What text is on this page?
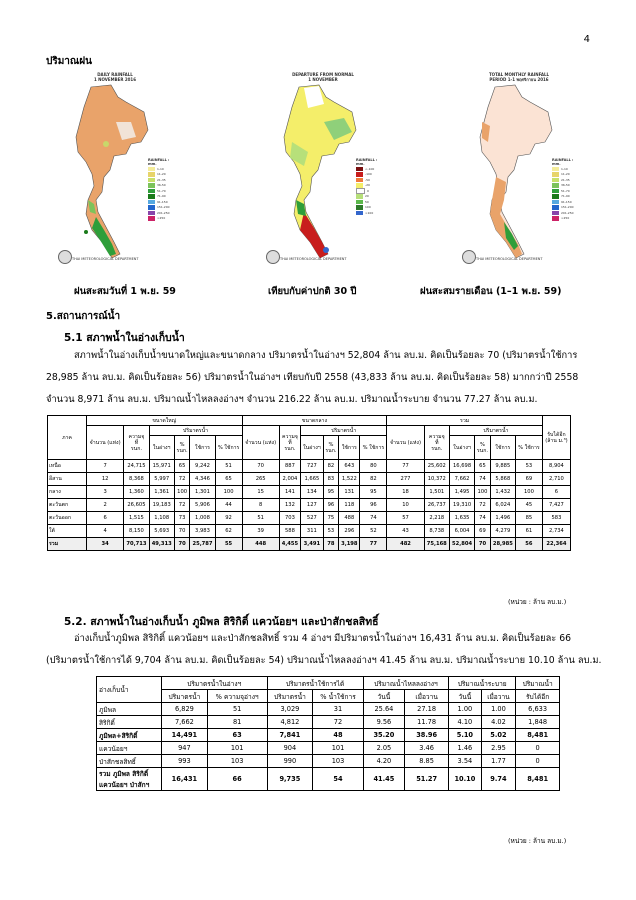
4
ปริมาณฝน
DAILY RAINFALL
1 NOVEMBER 2016
RAINFALL : mm.
1-10
11-20
21-35
36-50
51-70
71-90
91-150
151-200
201-250
>250
THAI METEOROLOGICAL DEPARTMENT
DEPARTURE FROM NORMAL
1 NOVEMBER
RAINFALL : mm.
<-100
-100
-50
-20
0
20
50
100
>100
THAI METEOROLOGICAL DEPARTMENT
TOTAL MONTHLY RAINFALL
PERIOD 1-1 พฤศจิกายน 2016
RAINFALL : mm.
1-10
11-20
21-35
36-50
51-70
71-90
91-150
151-200
201-250
>250
THAI METEOROLOGICAL DEPARTMENT
ฝนสะสมวันที่ 1 พ.ย. 59	เทียบกับค่าปกติ 30 ปี	ฝนสะสมรายเดือน (1–1 พ.ย. 59)
5.สถานการณ์น้ำ
5.1 สภาพน้ำในอ่างเก็บน้ำ
สภาพน้ำในอ่างเก็บน้ำขนาดใหญ่และขนาดกลาง ปริมาตรน้ำในอ่างฯ 52,804 ล้าน ลบ.ม. คิดเป็นร้อยละ 70 (ปริมาตรน้ำใช้การ
28,985 ล้าน ลบ.ม. คิดเป็นร้อยละ 56) ปริมาตรน้ำในอ่างฯ เทียบกับปี 2558 (43,833 ล้าน ลบ.ม. คิดเป็นร้อยละ 58) มากกว่าปี 2558
จำนวน 8,971 ล้าน ลบ.ม. ปริมาณน้ำไหลลงอ่างฯ จำนวน 216.22 ล้าน ลบ.ม. ปริมาณน้ำระบาย จำนวน 77.27 ล้าน ลบ.ม.
ภาค	ขนาดใหญ่						ขนาดกลาง						รวม						รับได้อีก
(ล้าน ม.³)
	จำนวน (แห่ง)	ความจุ
ที่
รนก.	ปริมาตรน้ำ				จำนวน (แห่ง)	ความจุ
ที่
รนก.	ปริมาตรน้ำ				จำนวน (แห่ง)	ความจุ
ที่
รนก.	ปริมาตรน้ำ				
			ในอ่างฯ	%
รนก.	ใช้การ	% ใช้การ			ในอ่างฯ	%
รนก.	ใช้การ	% ใช้การ			ในอ่างฯ	%
รนก.	ใช้การ	% ใช้การ	
เหนือ	7	24,715	15,971	65	9,242	51	70	887	727	82	643	80	77	25,602	16,698	65	9,885	53	8,904
อีสาน	12	8,368	5,997	72	4,346	65	265	2,004	1,665	83	1,522	82	277	10,372	7,662	74	5,868	69	2,710
กลาง	3	1,360	1,361	100	1,301	100	15	141	134	95	131	95	18	1,501	1,495	100	1,432	100	6
ตะวันตก	2	26,605	19,183	72	5,906	44	8	132	127	96	118	96	10	26,737	19,310	72	6,024	45	7,427
ตะวันออก	6	1,515	1,108	73	1,008	92	51	703	527	75	488	74	57	2,218	1,635	74	1,496	85	583
ใต้	4	8,150	5,693	70	3,983	62	39	588	311	53	296	52	43	8,738	6,004	69	4,279	61	2,734
รวม	34	70,713	49,313	70	25,787	55	448	4,455	3,491	78	3,198	77	482	75,168	52,804	70	28,985	56	22,364
(หน่วย : ล้าน ลบ.ม.)
5.2. สภาพน้ำในอ่างเก็บน้ำ ภูมิพล สิริกิติ์ แควน้อยฯ และป่าสักชลสิทธิ์
อ่างเก็บน้ำภูมิพล สิริกิติ์ แควน้อยฯ และป่าสักชลสิทธิ์ รวม 4 อ่างฯ มีปริมาตรน้ำในอ่างฯ 16,431 ล้าน ลบ.ม. คิดเป็นร้อยละ 66
(ปริมาตรน้ำใช้การได้ 9,704 ล้าน ลบ.ม. คิดเป็นร้อยละ 54) ปริมาณน้ำไหลลงอ่างฯ 41.45 ล้าน ลบ.ม. ปริมาณน้ำระบาย 10.10 ล้าน ลบ.ม.
อ่างเก็บน้ำ	ปริมาตรน้ำในอ่างฯ		ปริมาตรน้ำใช้การได้		ปริมาณน้ำไหลลงอ่างฯ		ปริมาณน้ำระบาย		ปริมาณน้ำ
	ปริมาตรน้ำ	% ความจุอ่างฯ	ปริมาตรน้ำ	% น้ำใช้การ	วันนี้	เมื่อวาน	วันนี้	เมื่อวาน	รับได้อีก
ภูมิพล	6,829	51	3,029	31	25.64	27.18	1.00	1.00	6,633
สิริกิติ์	7,662	81	4,812	72	9.56	11.78	4.10	4.02	1,848
ภูมิพล+สิริกิติ์	14,491	63	7,841	48	35.20	38.96	5.10	5.02	8,481
แควน้อยฯ	947	101	904	101	2.05	3.46	1.46	2.95	0
ป่าสักชลสิทธิ์	993	103	990	103	4.20	8.85	3.54	1.77	0
รวม ภูมิพล สิริกิติ์
แควน้อยฯ ป่าสักฯ	16,431	66	9,735	54	41.45	51.27	10.10	9.74	8,481
(หน่วย : ล้าน ลบ.ม.)
